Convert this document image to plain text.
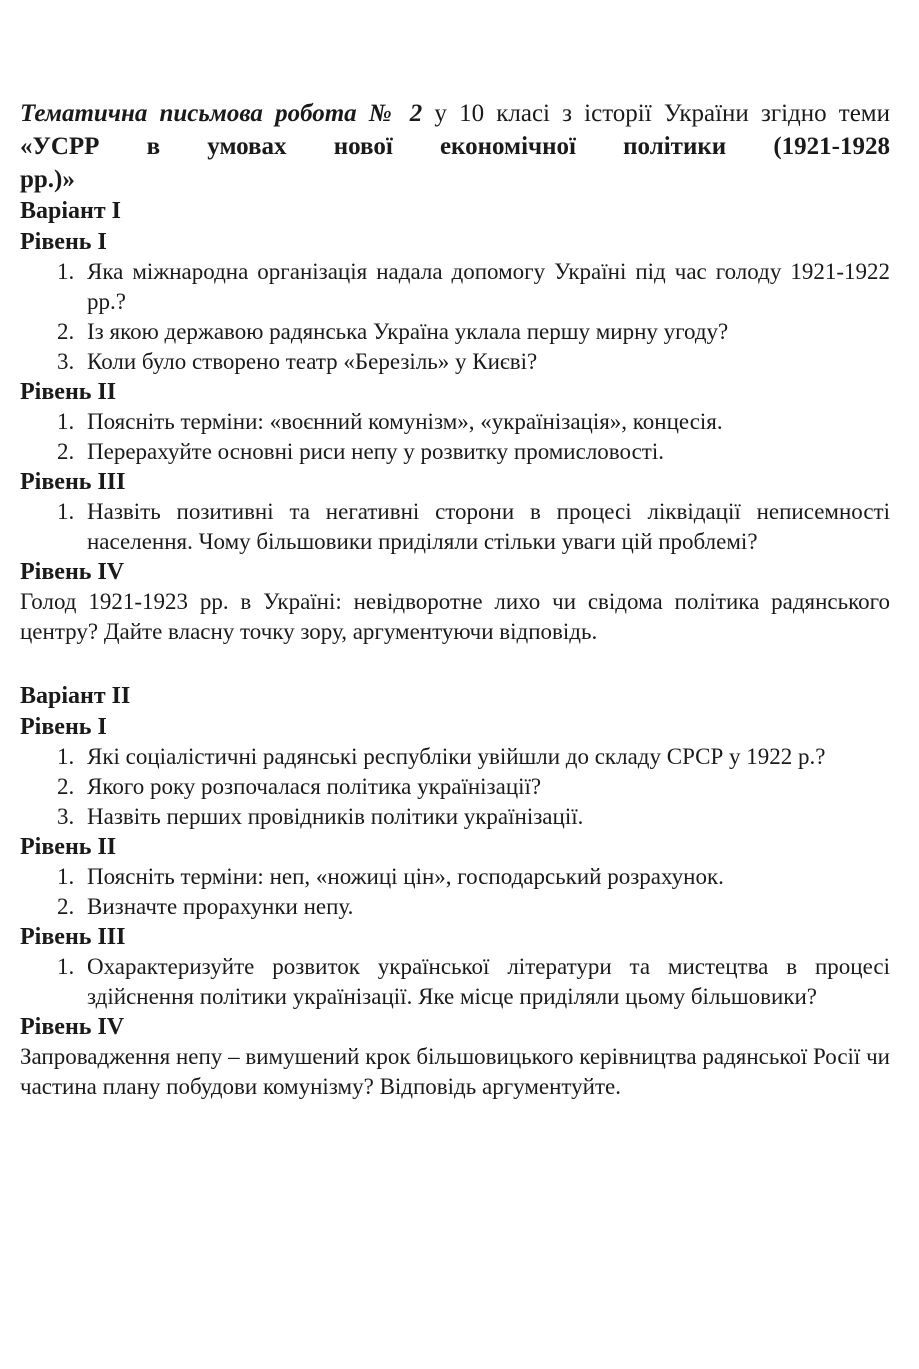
Тематична письмова робота № 2 у 10 класі з історії України згідно теми «УСРР в умовах нової економічної політики (1921-1928

рр.)»

Варіант І

Рівень І

1. Яка міжнародна організація надала допомогу Україні під час голоду 1921-1922 рр.?
2. Із якою державою радянська Україна уклала першу мирну угоду?
3. Коли було створено театр «Березіль» у Києві?

Рівень ІІ

1. Поясніть терміни: «воєнний комунізм», «українізація», концесія.
2. Перерахуйте основні риси непу у розвитку промисловості.

Рівень ІІІ

1. Назвіть позитивні та негативні сторони в процесі ліквідації неписемності населення. Чому більшовики приділяли стільки уваги цій проблемі?

Рівень IV

Голод 1921-1923 рр. в Україні: невідворотне лихо чи свідома політика радянського центру? Дайте власну точку зору, аргументуючи відповідь.

Варіант ІІ

Рівень І

1. Які соціалістичні радянські республіки увійшли до складу СРСР у 1922 р.?
2. Якого року розпочалася політика українізації?
3. Назвіть перших провідників політики українізації.

Рівень ІІ

1. Поясніть терміни: неп, «ножиці цін», господарський розрахунок.
2. Визначте прорахунки непу.

Рівень ІІІ

1. Охарактеризуйте розвиток української літератури та мистецтва в процесі здійснення політики українізації. Яке місце приділяли цьому більшовики?

Рівень IV

Запровадження непу – вимушений крок більшовицького керівництва радянської Росії чи частина плану побудови комунізму? Відповідь аргументуйте.
